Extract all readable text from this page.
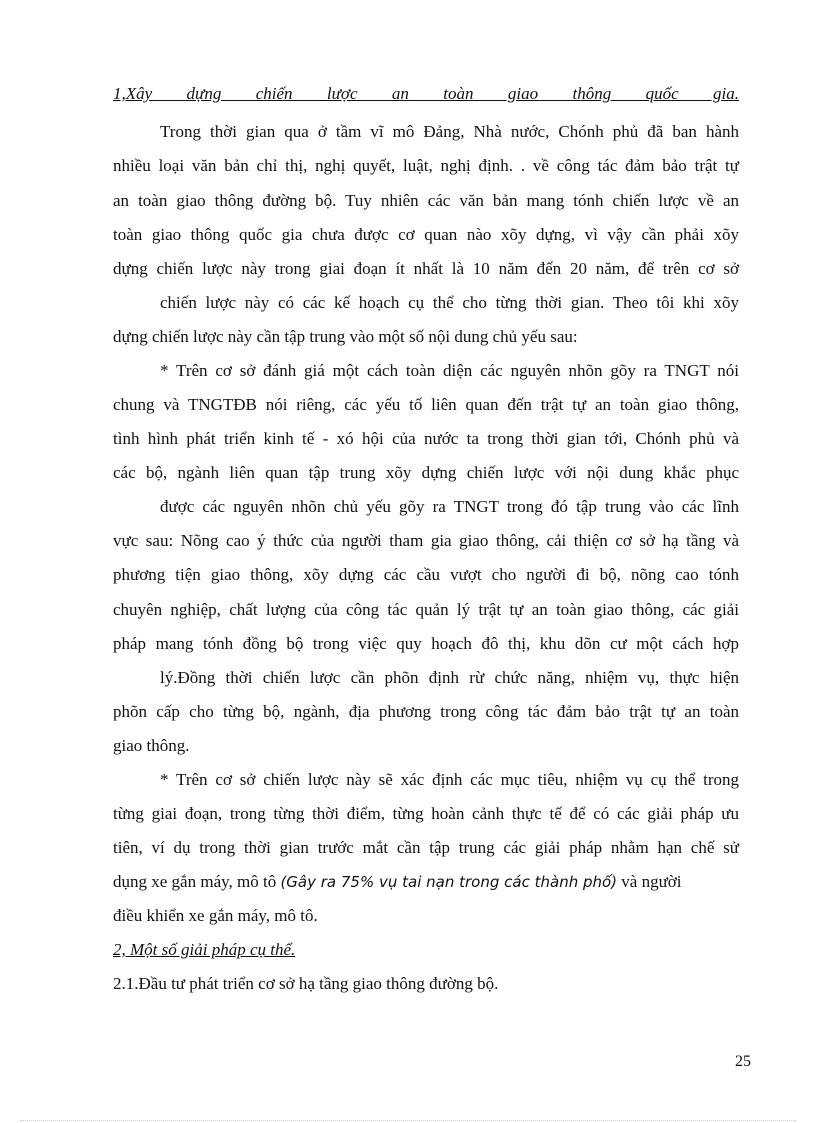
1,Xây dựng chiến lược an toàn giao thông quốc gia.
Trong thời gian qua ở tầm vĩ mô Đảng, Nhà nước, Chónh phủ đã ban hành
nhiều loại văn bản chỉ thị, nghị quyết, luật, nghị định. . về công tác đảm bảo trật tự
an toàn giao thông đường bộ. Tuy nhiên các văn bản mang tónh chiến lược về an
toàn giao thông quốc gia chưa được cơ quan nào xõy dựng, vì vậy cần phải xõy
dựng chiến lược này trong giai đoạn ít nhất là 10 năm đến 20 năm, để trên cơ sở
chiến lược này có các kế hoạch cụ thể cho từng thời gian. Theo tôi khi xõy
dựng chiến lược này cần tập trung vào một số nội dung chủ yếu sau:
* Trên cơ sở đánh giá một cách toàn diện các nguyên nhõn gõy ra TNGT nói
chung và TNGTĐB nói riêng, các yếu tố liên quan đến trật tự an toàn giao thông,
tình hình phát triển kinh tế - xó hội của nước ta trong thời gian tới, Chónh phủ và
các bộ, ngành liên quan tập trung xõy dựng chiến lược với nội dung khắc phục
được các nguyên nhõn chủ yếu gõy ra TNGT trong đó tập trung vào các lĩnh
vực sau: Nõng cao ý thức của người tham gia giao thông, cải thiện cơ sở hạ tầng và
phương tiện giao thông, xõy dựng các cầu vượt cho người đi bộ, nõng cao tónh
chuyên nghiệp, chất lượng của công tác quản lý trật tự an toàn giao thông, các giải
pháp mang tónh đồng bộ trong việc quy hoạch đô thị, khu dõn cư một cách hợp
lý.Đồng thời chiến lược cần phõn định rừ chức năng, nhiệm vụ, thực hiện
phõn cấp cho từng bộ, ngành, địa phương trong công tác đảm bảo trật tự an toàn
giao thông.
* Trên cơ sở chiến lược này sẽ xác định các mục tiêu, nhiệm vụ cụ thể trong
từng giai đoạn, trong từng thời điểm, từng hoàn cảnh thực tế để có các giải pháp ưu
tiên, ví dụ trong thời gian trước mắt cần tập trung các giải pháp nhằm hạn chế sử
dụng xe gắn máy, mô tô (Gây ra 75% vụ tai nạn trong các thành phố) và người
điều khiển xe gắn máy, mô tô.
2, Một số giải pháp cụ thể.
2.1.Đầu tư phát triển cơ sở hạ tầng giao thông đường bộ.
25
